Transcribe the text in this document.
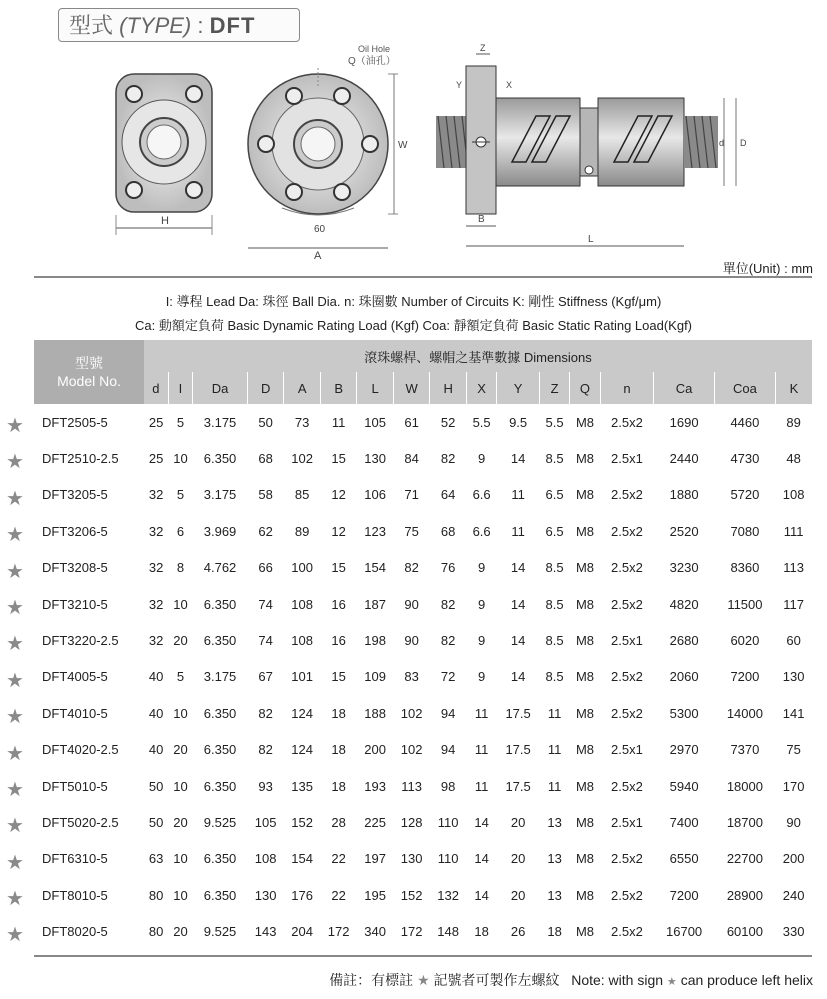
型式 (TYPE) : DFT
H
Oil Hole
Q（油孔）
60
A
W
Z
Y	X
B
L
d D
單位(Unit) : mm
I: 導程 Lead Da: 珠徑 Ball Dia. n: 珠圈數 Number of Circuits K: 剛性 Stiffness (Kgf/μm)
Ca: 動額定負荷 Basic Dynamic Rating Load (Kgf) Coa: 靜額定負荷 Basic Static Rating Load(Kgf)
型號
Model No.	滾珠螺桿、螺帽之基準數據 Dimensions																
	d	I	Da	D	A	B	L	W	H	X	Y	Z	Q	n	Ca	Coa	K
DFT2505-5	25	5	3.175	50	73	11	105	61	52	5.5	9.5	5.5	M8	2.5x2	1690	4460	89
DFT2510-2.5	25	10	6.350	68	102	15	130	84	82	9	14	8.5	M8	2.5x1	2440	4730	48
DFT3205-5	32	5	3.175	58	85	12	106	71	64	6.6	11	6.5	M8	2.5x2	1880	5720	108
DFT3206-5	32	6	3.969	62	89	12	123	75	68	6.6	11	6.5	M8	2.5x2	2520	7080	111
DFT3208-5	32	8	4.762	66	100	15	154	82	76	9	14	8.5	M8	2.5x2	3230	8360	113
DFT3210-5	32	10	6.350	74	108	16	187	90	82	9	14	8.5	M8	2.5x2	4820	11500	117
DFT3220-2.5	32	20	6.350	74	108	16	198	90	82	9	14	8.5	M8	2.5x1	2680	6020	60
DFT4005-5	40	5	3.175	67	101	15	109	83	72	9	14	8.5	M8	2.5x2	2060	7200	130
DFT4010-5	40	10	6.350	82	124	18	188	102	94	11	17.5	11	M8	2.5x2	5300	14000	141
DFT4020-2.5	40	20	6.350	82	124	18	200	102	94	11	17.5	11	M8	2.5x1	2970	7370	75
DFT5010-5	50	10	6.350	93	135	18	193	113	98	11	17.5	11	M8	2.5x2	5940	18000	170
DFT5020-2.5	50	20	9.525	105	152	28	225	128	110	14	20	13	M8	2.5x1	7400	18700	90
DFT6310-5	63	10	6.350	108	154	22	197	130	110	14	20	13	M8	2.5x2	6550	22700	200
DFT8010-5	80	10	6.350	130	176	22	195	152	132	14	20	13	M8	2.5x2	7200	28900	240
DFT8020-5	80	20	9.525	143	204	172	340	172	148	18	26	18	M8	2.5x2	16700	60100	330
★
★
★
★
★
★
★
★
★
★
★
★
★
★
★
備註：有標註 ★ 記號者可製作左螺紋 Note: with sign ★ can produce left helix
